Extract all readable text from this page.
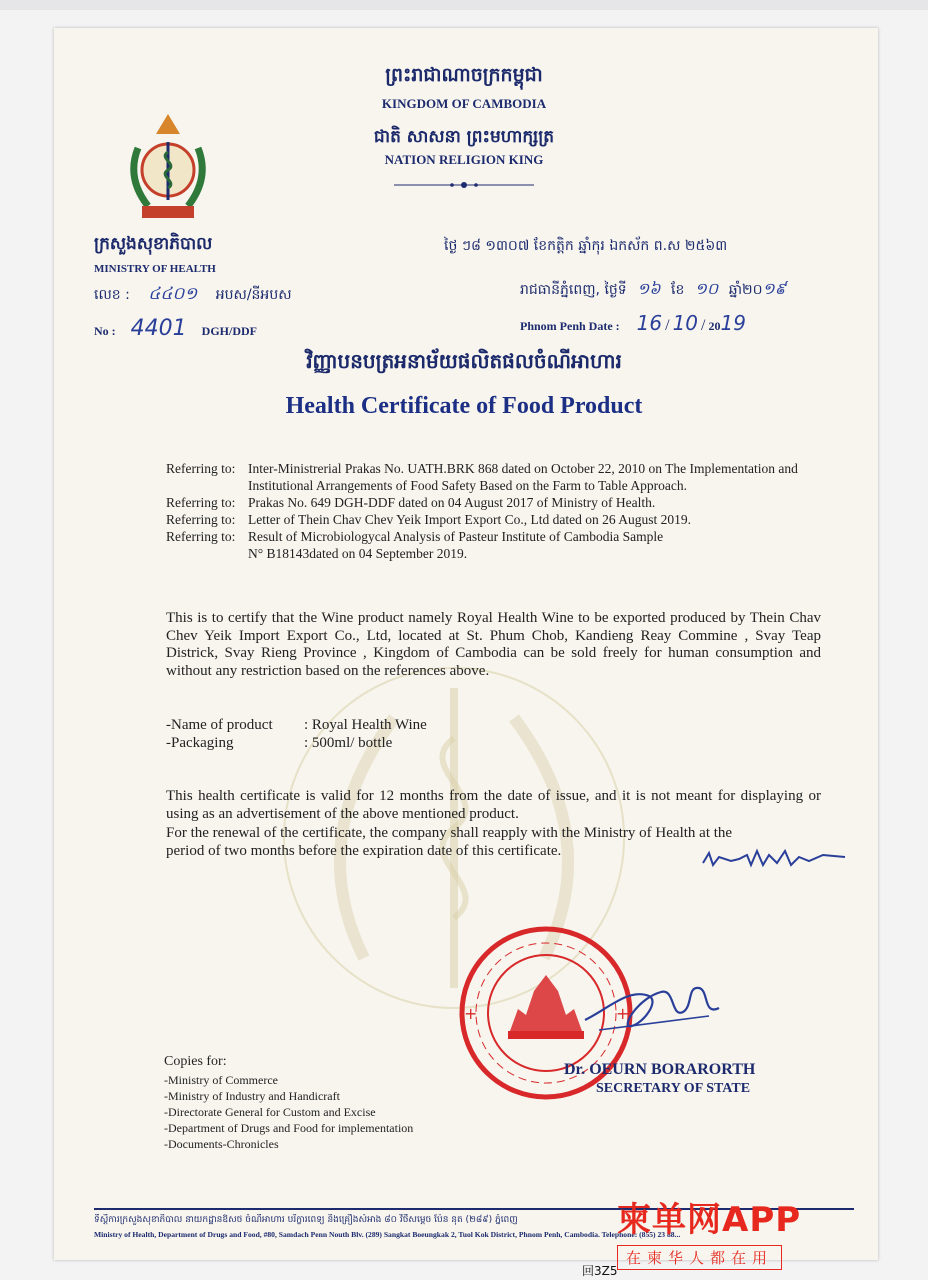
ព្រះរាជាណាចក្រកម្ពុជា
KINGDOM OF CAMBODIA
ជាតិ សាសនា ព្រះមហាក្សត្រ
NATION RELIGION KING
ក្រសួងសុខាភិបាល
MINISTRY OF HEALTH
លេខ : ៤៤០១ អបស/នីអបស
No : 4401 DGH/DDF
ថ្ងៃ ៗ៨ ១៣០៧ ខែកត្ដិក ឆ្នាំកុរ ឯកស័ក ព.ស ២៥៦៣
រាជធានីភ្នំពេញ, ថ្ងៃទី ១៦ ខែ ១០ ឆ្នាំ២០១៩
Phnom Penh Date : 16 / 10 / 2019
វិញ្ញាបនបត្រអនាម័យផលិតផលចំណីអាហារ
Health Certificate of Food Product
Referring to: Inter-Ministrerial Prakas No. UATH.BRK 868 dated on October 22, 2010 on The Implementation and Institutional Arrangements of Food Safety Based on the Farm to Table Approach.
Referring to: Prakas No. 649 DGH-DDF dated on 04 August 2017 of Ministry of Health.
Referring to: Letter of Thein Chav Chev Yeik Import Export Co., Ltd dated on 26 August 2019.
Referring to: Result of Microbiologycal Analysis of Pasteur Institute of Cambodia Sample N° B18143dated on 04 September 2019.
This is to certify that the Wine product namely Royal Health Wine to be exported produced by Thein Chav Chev Yeik Import Export Co., Ltd, located at St. Phum Chob, Kandieng Reay Commine , Svay Teap Districk, Svay Rieng Province , Kingdom of Cambodia can be sold freely for human consumption and without any restriction based on the references above.
-Name of product : Royal Health Wine
-Packaging	: 500ml/ bottle
This health certificate is valid for 12 months from the date of issue, and it is not meant for displaying or using as an advertisement of the above mentioned product.
For the renewal of the certificate, the company shall reapply with the Ministry of Health at the period of two months before the expiration date of this certificate.
+	+
Dr. OEURN BORARORTH
SECRETARY OF STATE
Copies for:
-Ministry of Commerce
-Ministry of Industry and Handicraft
-Directorate General for Custom and Excise
-Department of Drugs and Food for implementation
-Documents-Chronicles
ទីស្ដីការក្រសួងសុខាភិបាល នាយកដ្ឋានឱសថ ចំណីអាហារ បរិក្ខារពេទ្យ និងគ្រឿងសំអាង ៨០ វិថីសម្ដេច ប៉ែន នុត (២៨៩) ភ្នំពេញ
Ministry of Health, Department of Drugs and Food, #80, Samdach Penn Nouth Blv. (289) Sangkat Boeungkak 2, Tuol Kok District, Phnom Penh, Cambodia. Telephone: (855) 23 88...
柬单网APP
在柬华人都在用
回3Z5
